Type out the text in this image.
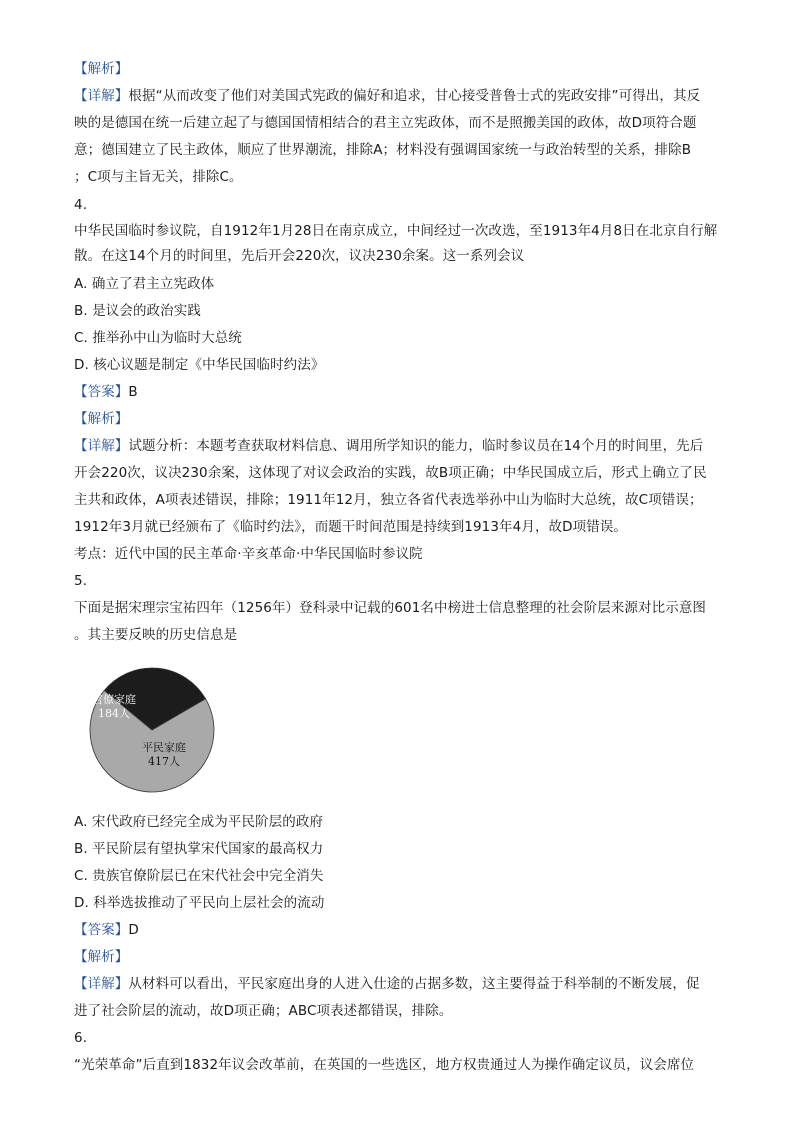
【解析】
【详解】根据“从而改变了他们对美国式宪政的偏好和追求，甘心接受普鲁士式的宪政安排”可得出，其反
映的是德国在统一后建立起了与德国国情相结合的君主立宪政体，而不是照搬美国的政体，故D项符合题
意；德国建立了民主政体，顺应了世界潮流，排除A；材料没有强调国家统一与政治转型的关系，排除B
；C项与主旨无关，排除C。
4.
中华民国临时参议院，自1912年1月28日在南京成立，中间经过一次改选，至1913年4月8日在北京自行解
散。在这14个月的时间里，先后开会220次，议决230余案。这一系列会议
A. 确立了君主立宪政体
B. 是议会的政治实践
C. 推举孙中山为临时大总统
D. 核心议题是制定《中华民国临时约法》
【答案】B
【解析】
【详解】试题分析：本题考查获取材料信息、调用所学知识的能力，临时参议员在14个月的时间里，先后
开会220次，议决230余案，这体现了对议会政治的实践，故B项正确；中华民国成立后，形式上确立了民
主共和政体，A项表述错误，排除；1911年12月，独立各省代表选举孙中山为临时大总统，故C项错误；
1912年3月就已经颁布了《临时约法》，而题干时间范围是持续到1913年4月，故D项错误。
考点：近代中国的民主革命·辛亥革命·中华民国临时参议院
5.
下面是据宋理宗宝祐四年（1256年）登科录中记载的601名中榜进士信息整理的社会阶层来源对比示意图
。其主要反映的历史信息是
官僚家庭
184人
平民家庭
417人
A. 宋代政府已经完全成为平民阶层的政府
B. 平民阶层有望执掌宋代国家的最高权力
C. 贵族官僚阶层已在宋代社会中完全消失
D. 科举选拔推动了平民向上层社会的流动
【答案】D
【解析】
【详解】从材料可以看出，平民家庭出身的人进入仕途的占据多数，这主要得益于科举制的不断发展，促
进了社会阶层的流动，故D项正确；ABC项表述都错误，排除。
6.
“光荣革命”后直到1832年议会改革前，在英国的一些选区，地方权贵通过人为操作确定议员，议会席位
